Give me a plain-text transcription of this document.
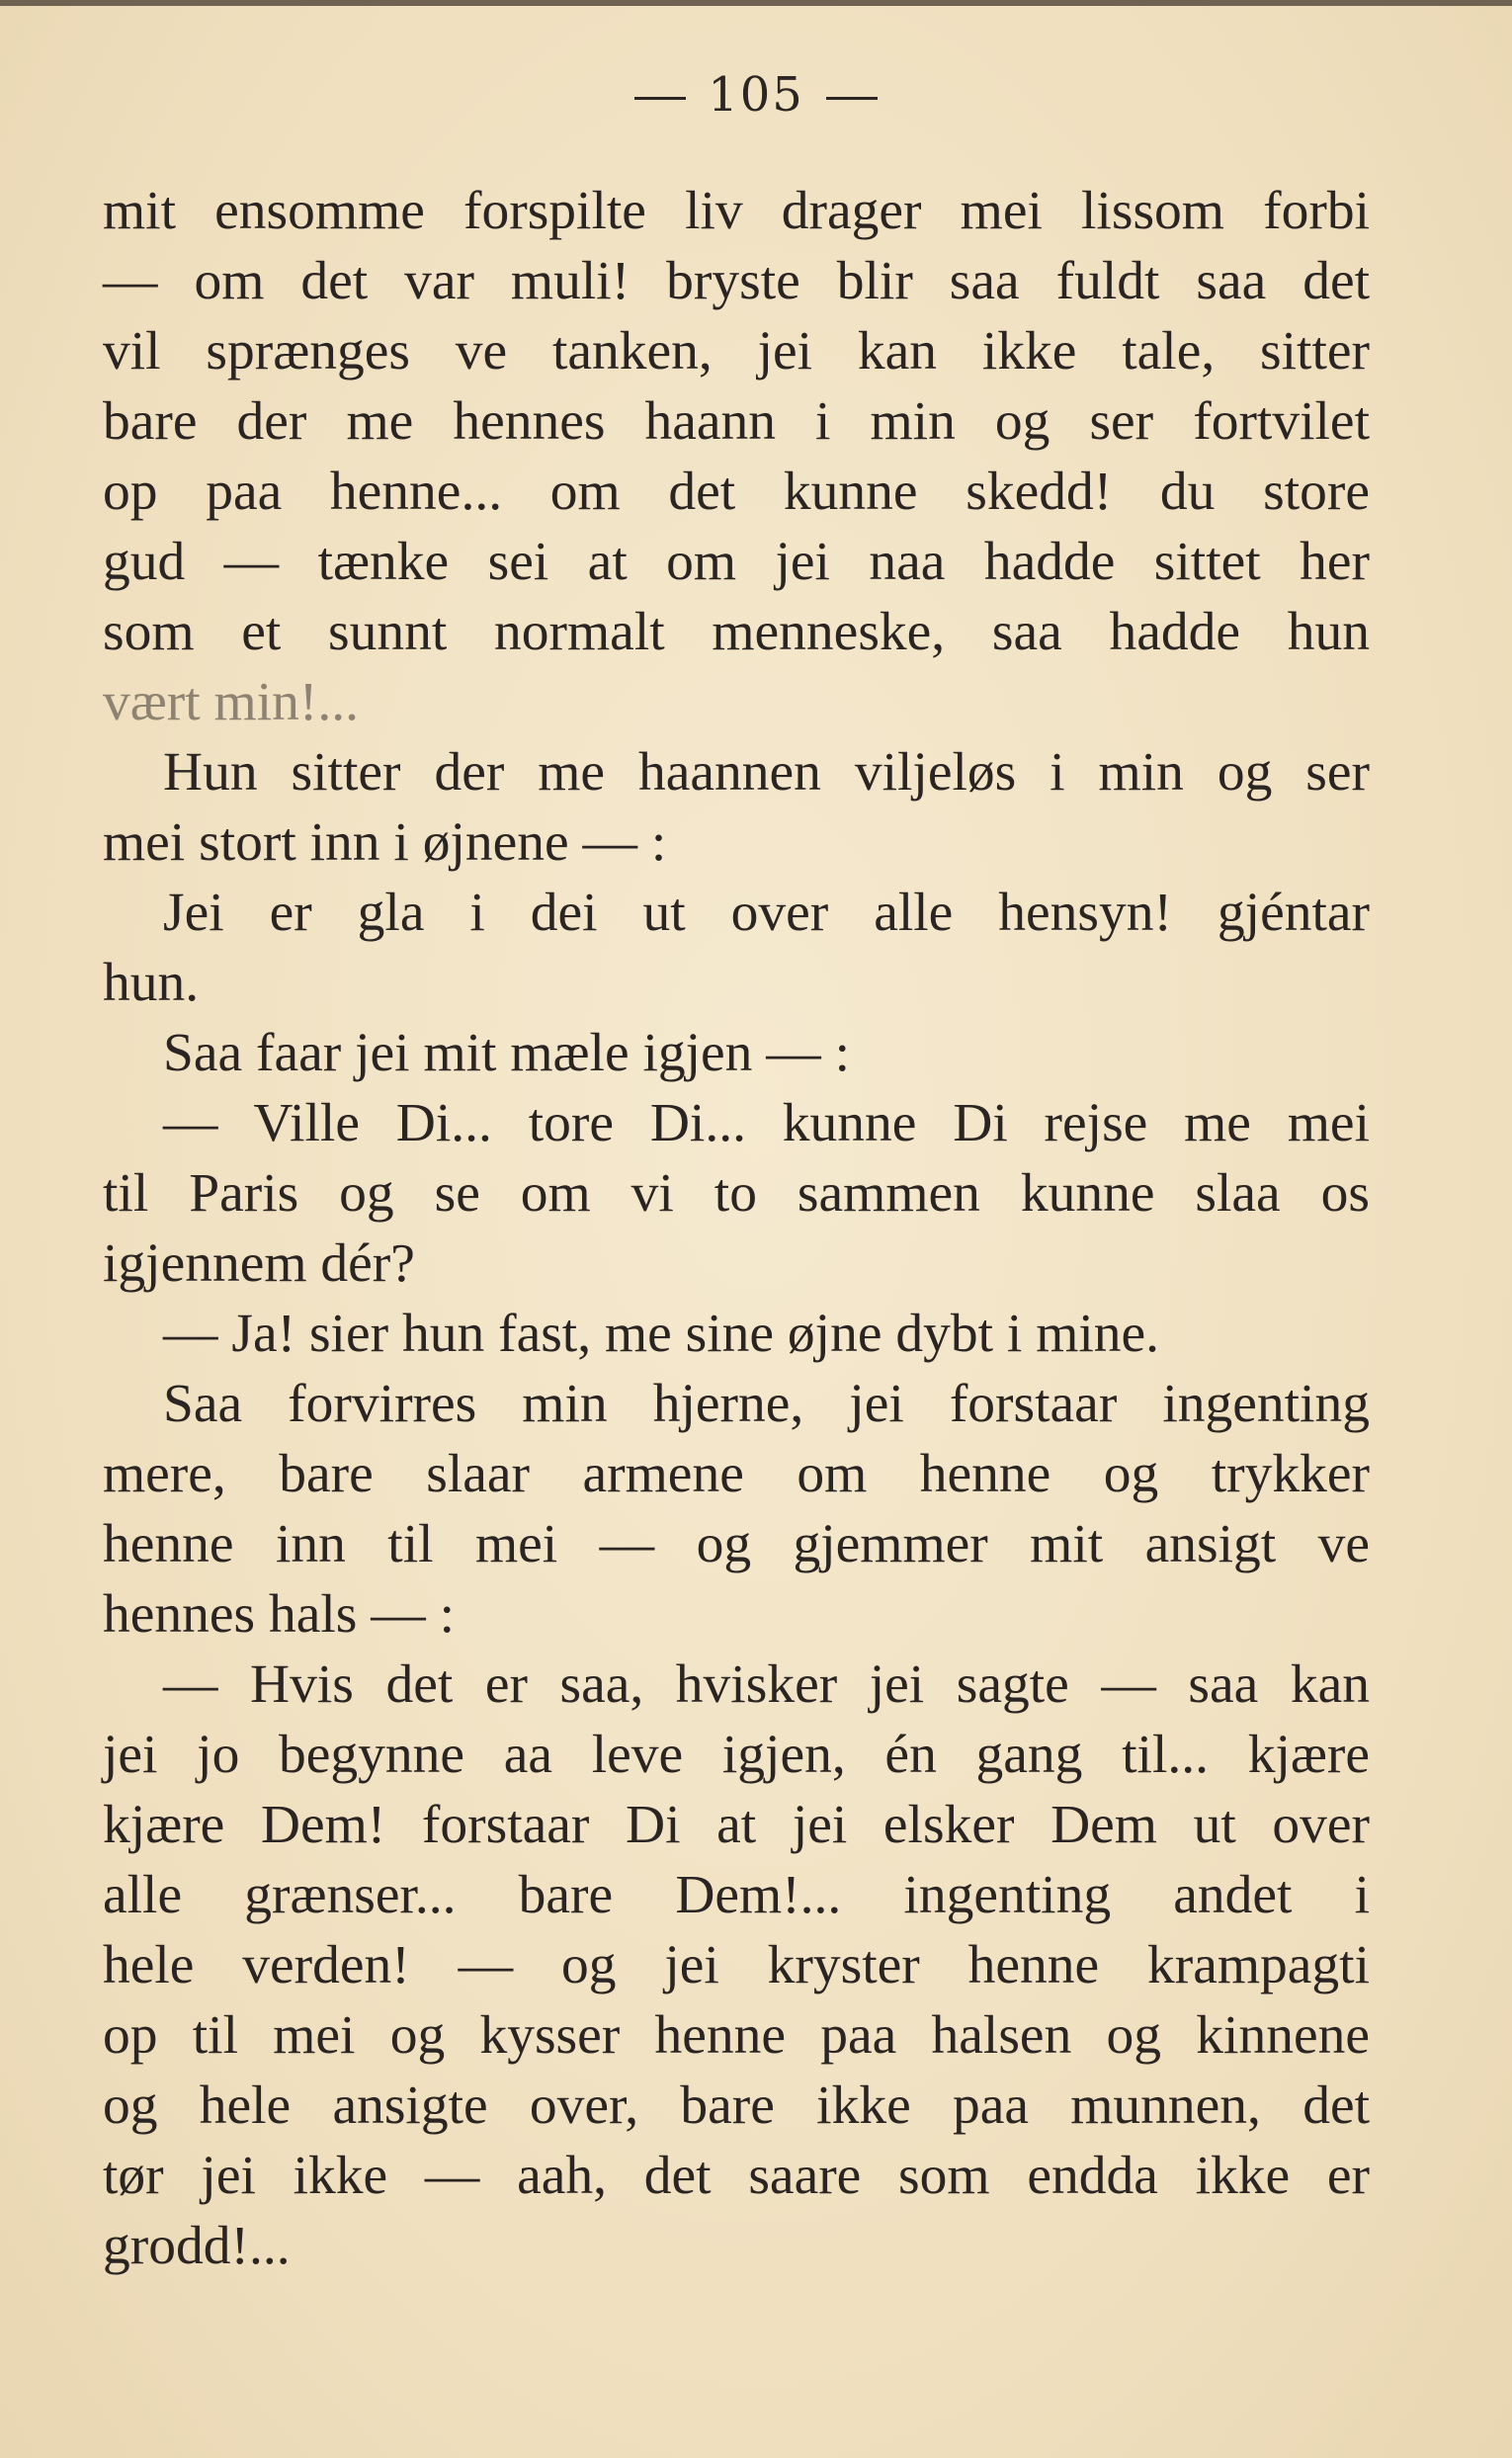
105
mit ensomme forspilte liv drager mei lissom forbi
— om det var muli! bryste blir saa fuldt saa det
vil sprænges ve tanken, jei kan ikke tale, sitter
bare der me hennes haann i min og ser fortvilet
op paa henne... om det kunne skedd! du store
gud — tænke sei at om jei naa hadde sittet her
som et sunnt normalt menneske, saa hadde hun
vært min!...
Hun sitter der me haannen viljeløs i min og ser
mei stort inn i øjnene — :
Jei er gla i dei ut over alle hensyn! gjéntar
hun.
Saa faar jei mit mæle igjen — :
— Ville Di... tore Di... kunne Di rejse me mei
til Paris og se om vi to sammen kunne slaa os
igjennem dér?
— Ja! sier hun fast, me sine øjne dybt i mine.
Saa forvirres min hjerne, jei forstaar ingenting
mere, bare slaar armene om henne og trykker
henne inn til mei — og gjemmer mit ansigt ve
hennes hals — :
— Hvis det er saa, hvisker jei sagte — saa kan
jei jo begynne aa leve igjen, én gang til... kjære
kjære Dem! forstaar Di at jei elsker Dem ut over
alle grænser... bare Dem!... ingenting andet i
hele verden! — og jei kryster henne krampagti
op til mei og kysser henne paa halsen og kinnene
og hele ansigte over, bare ikke paa munnen, det
tør jei ikke — aah, det saare som endda ikke er
grodd!...
